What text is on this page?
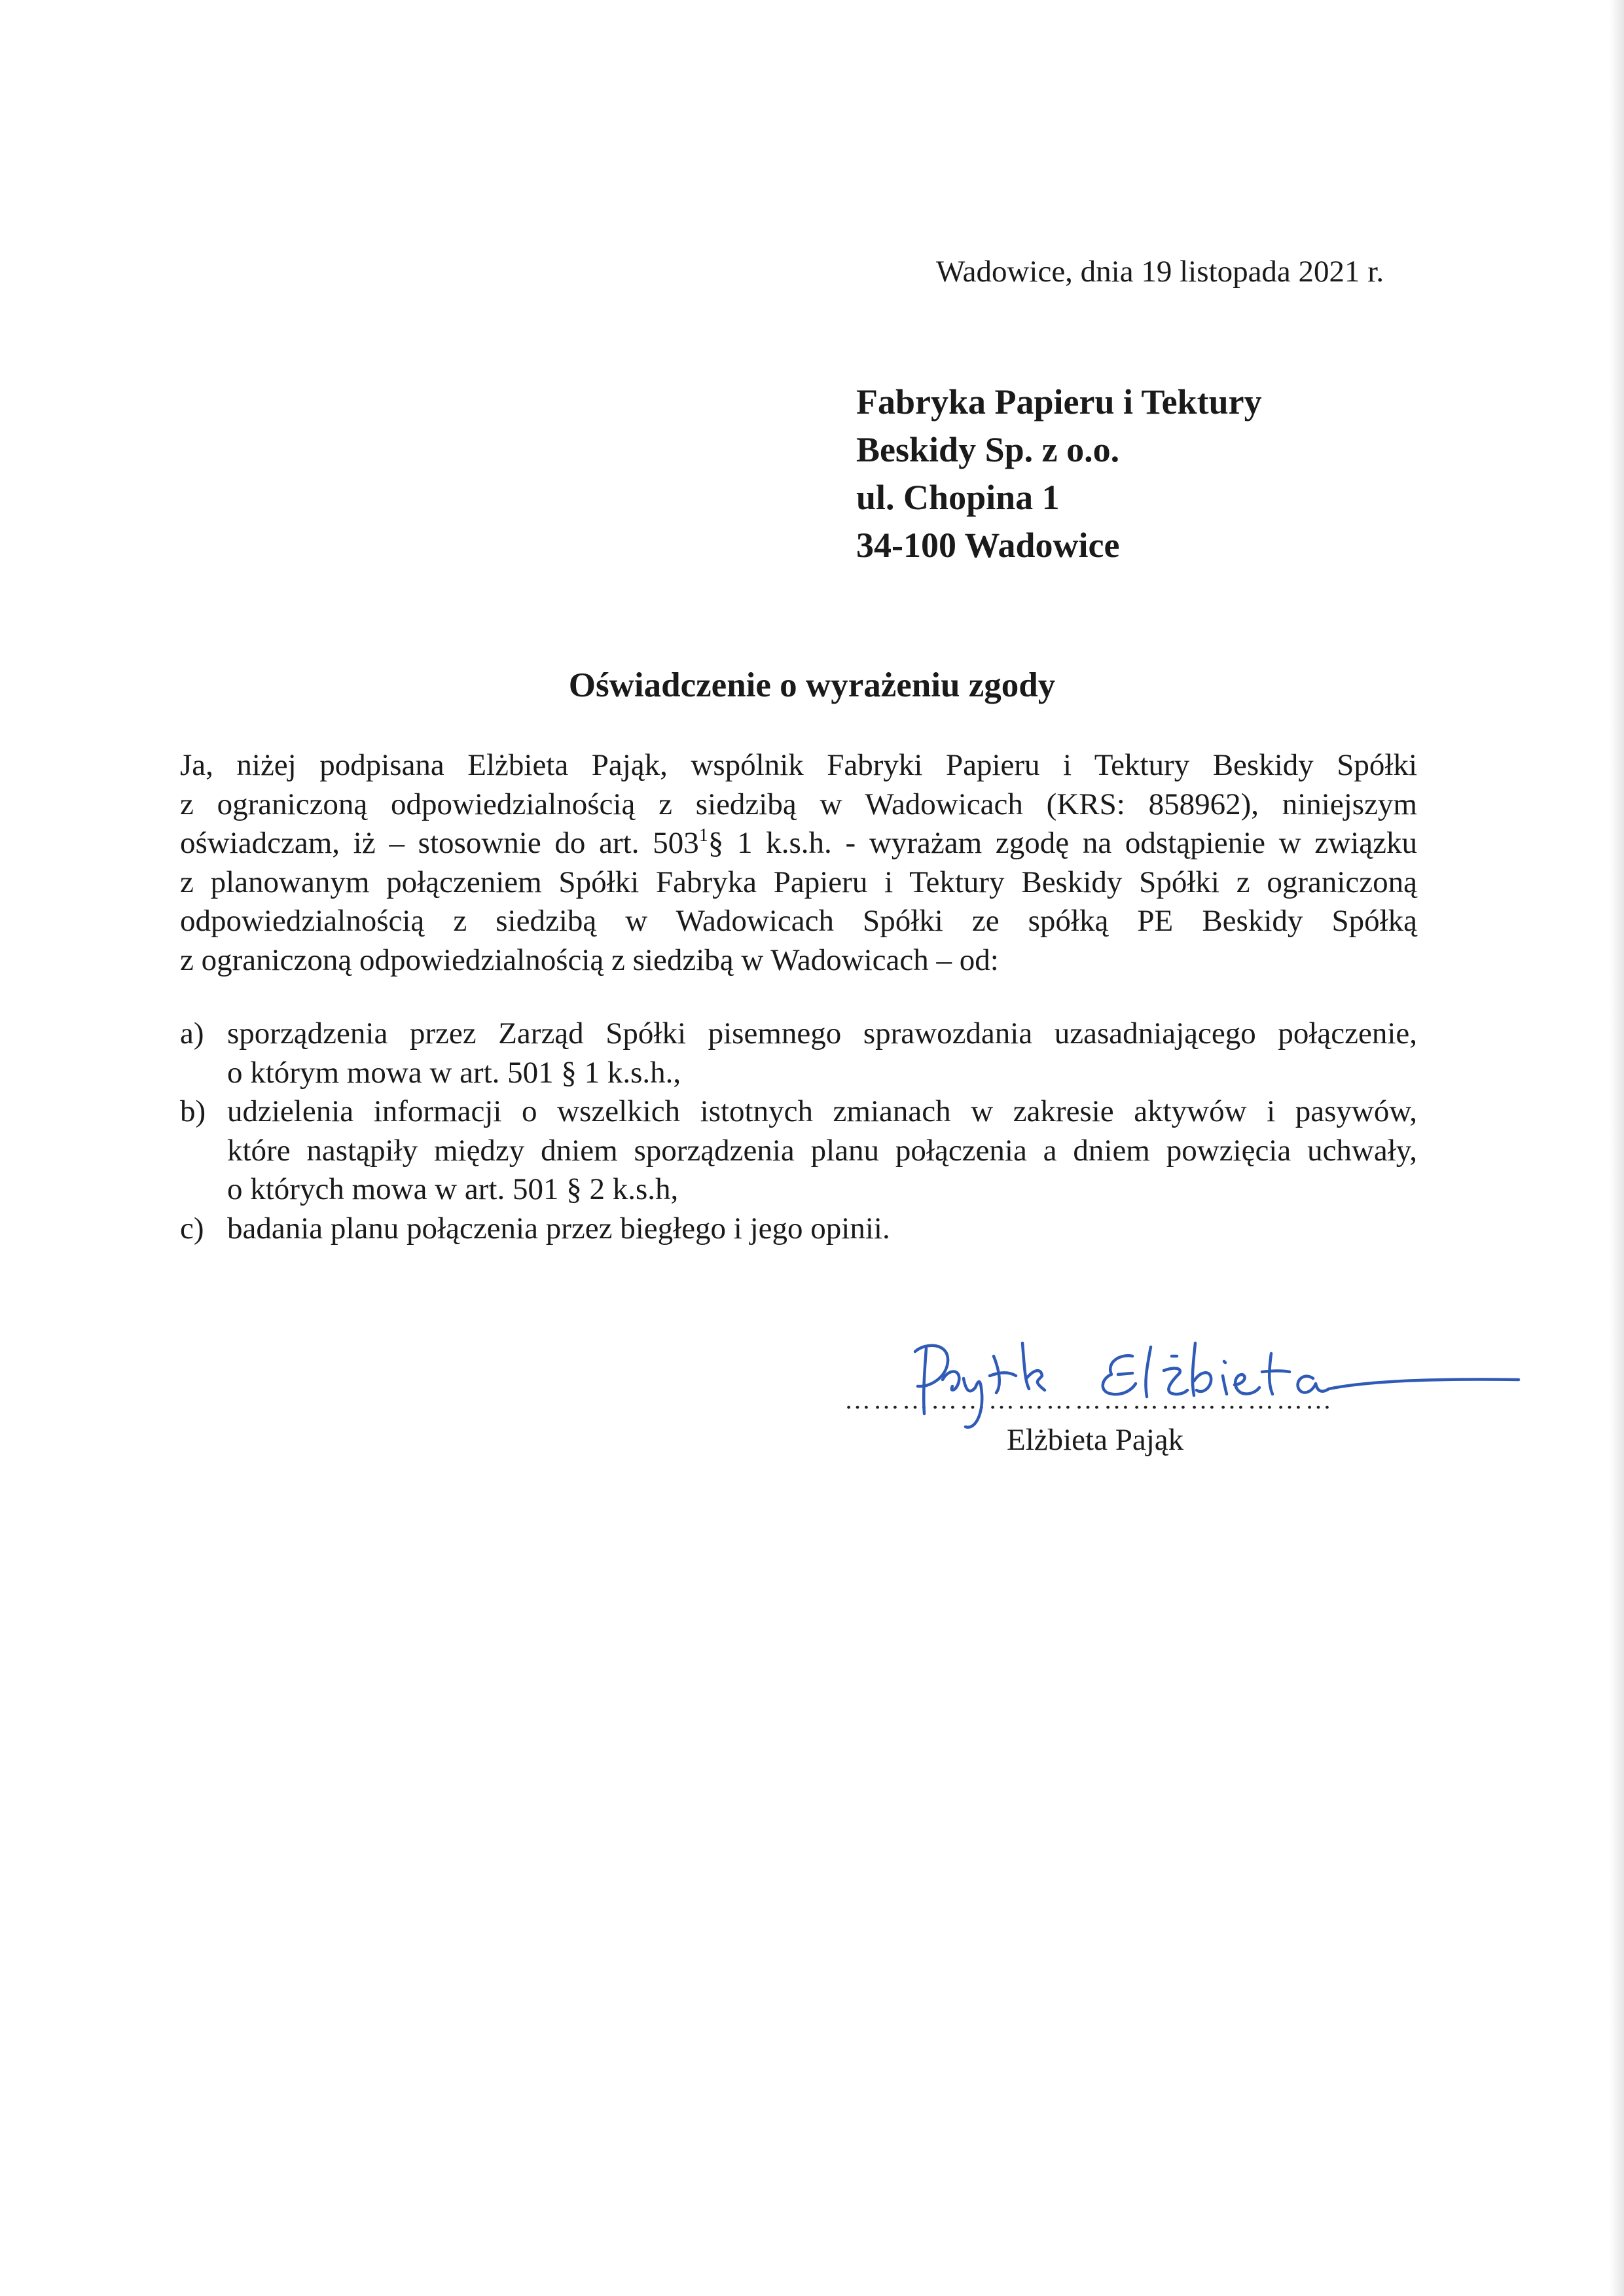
Wadowice, dnia 19 listopada 2021 r.
Fabryka Papieru i Tektury
Beskidy Sp. z o.o.
ul. Chopina 1
34-100 Wadowice
Oświadczenie o wyrażeniu zgody
Ja, niżej podpisana Elżbieta Pająk, wspólnik Fabryki Papieru i Tektury Beskidy Spółki
z ograniczoną odpowiedzialnością z siedzibą w Wadowicach (KRS: 858962), niniejszym
oświadczam, iż – stosownie do art. $503^1\S$ 1 k.s.h. - wyrażam zgodę na odstąpienie w związku
z planowanym połączeniem Spółki Fabryka Papieru i Tektury Beskidy Spółki z ograniczoną
odpowiedzialnością z siedzibą w Wadowicach Spółki ze spółką PE Beskidy Spółką
z ograniczoną odpowiedzialnością z siedzibą w Wadowicach – od:
a) sporządzenia przez Zarząd Spółki pisemnego sprawozdania uzasadniającego połączenie,
o którym mowa w art. 501 § 1 k.s.h.,
b) udzielenia informacji o wszelkich istotnych zmianach w zakresie aktywów i pasywów,
które nastąpiły między dniem sporządzenia planu połączenia a dniem powzięcia uchwały,
o których mowa w art. 501 § 2 k.s.h,
c) badania planu połączenia przez biegłego i jego opinii.
……………………………………………
Elżbieta Pająk
